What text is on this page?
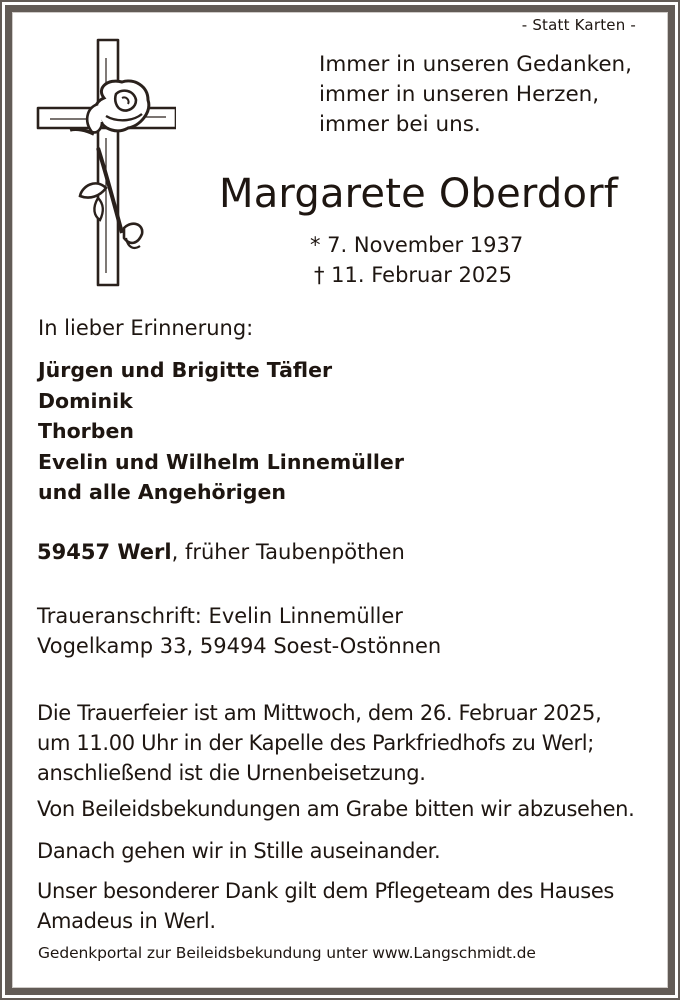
- Statt Karten -
Immer in unseren Gedanken,
immer in unseren Herzen,
immer bei uns.
Margarete Oberdorf
* 7. November 1937
† 11. Februar 2025
In lieber Erinnerung:
Jürgen und Brigitte Täfler
Dominik
Thorben
Evelin und Wilhelm Linnemüller
und alle Angehörigen
59457 Werl, früher Taubenpöthen
Traueranschrift: Evelin Linnemüller
Vogelkamp 33, 59494 Soest-Ostönnen
Die Trauerfeier ist am Mittwoch, dem 26. Februar 2025,
um 11.00 Uhr in der Kapelle des Parkfriedhofs zu Werl;
anschließend ist die Urnenbeisetzung.
Von Beileidsbekundungen am Grabe bitten wir abzusehen.
Danach gehen wir in Stille auseinander.
Unser besonderer Dank gilt dem Pflegeteam des Hauses
Amadeus in Werl.
Gedenkportal zur Beileidsbekundung unter www.Langschmidt.de
